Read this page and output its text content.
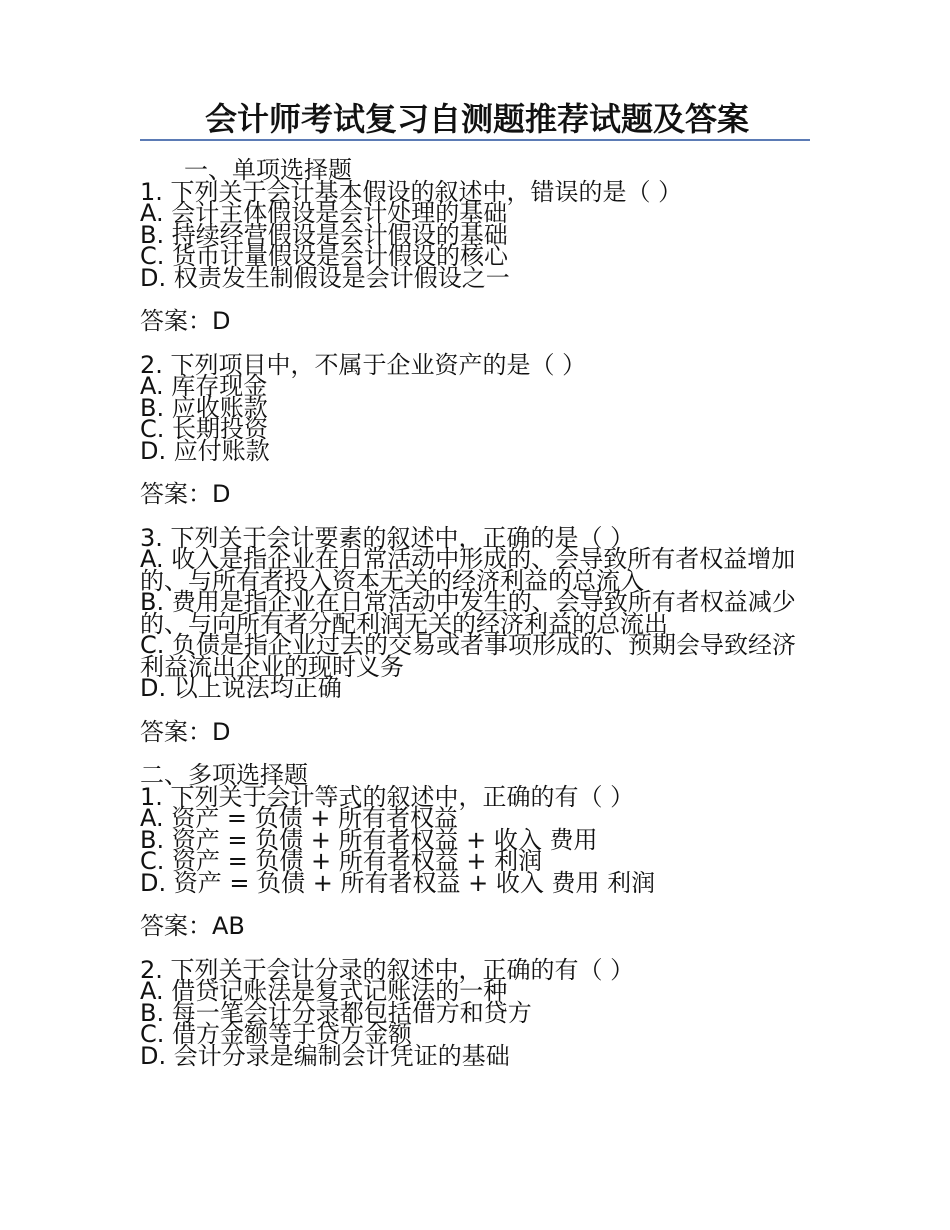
会计师考试复习自测题推荐试题及答案
一、单项选择题
1. 下列关于会计基本假设的叙述中，错误的是（ ）
A. 会计主体假设是会计处理的基础
B. 持续经营假设是会计假设的基础
C. 货币计量假设是会计假设的核心
D. 权责发生制假设是会计假设之一
答案：D
2. 下列项目中，不属于企业资产的是（ ）
A. 库存现金
B. 应收账款
C. 长期投资
D. 应付账款
答案：D
3. 下列关于会计要素的叙述中，正确的是（ ）
A. 收入是指企业在日常活动中形成的、会导致所有者权益增加的、与所有者投入资本无关的经济利益的总流入
B. 费用是指企业在日常活动中发生的、会导致所有者权益减少的、与向所有者分配利润无关的经济利益的总流出
C. 负债是指企业过去的交易或者事项形成的、预期会导致经济利益流出企业的现时义务
D. 以上说法均正确
答案：D
二、多项选择题
1. 下列关于会计等式的叙述中，正确的有（ ）
A. 资产 = 负债 + 所有者权益
B. 资产 = 负债 + 所有者权益 + 收入 费用
C. 资产 = 负债 + 所有者权益 + 利润
D. 资产 = 负债 + 所有者权益 + 收入 费用 利润
答案：AB
2. 下列关于会计分录的叙述中，正确的有（ ）
A. 借贷记账法是复式记账法的一种
B. 每一笔会计分录都包括借方和贷方
C. 借方金额等于贷方金额
D. 会计分录是编制会计凭证的基础
